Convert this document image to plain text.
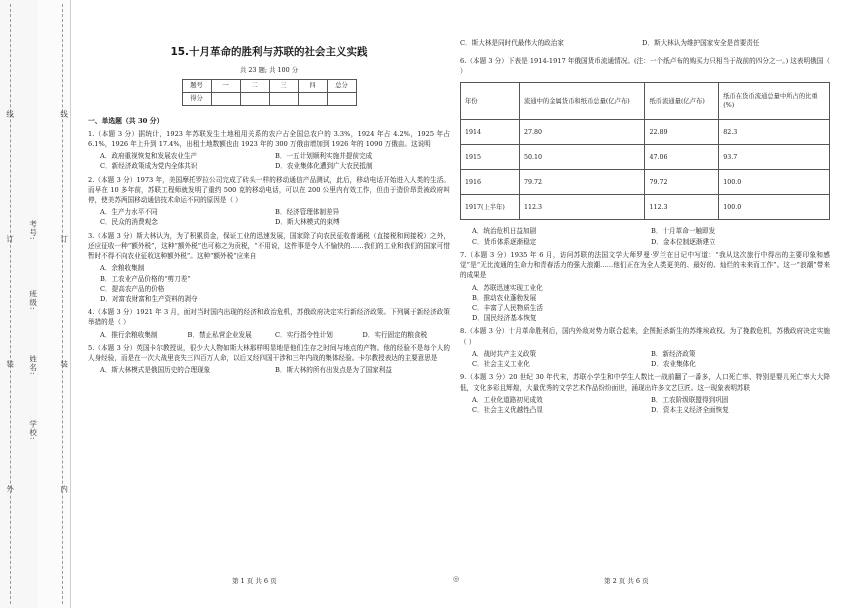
线
订
装
外
线
订
装
内
考号:
班级:
姓名:
学校:
15.十月革命的胜利与苏联的社会主义实践
共 23 题; 共 100 分
题号	一	二	三	四	总分
得分					
一、单选题（共 30 分）
1.（本题 3 分）据统计，1923 年苏联发生土地租用关系的农户占全国总农户的 3.3%，1924 年占 4.2%，1925 年占 6.1%，1926 年上升到 17.4%，出租土地数额也由 1923 年的 300 万俄亩增加到 1926 年的 1090 万俄亩。这说明
A．政府重视恢复和发展农业生产	B．一五计划顺利实施并提前完成
C．新经济政策成为党内全体共识	D．农业集体化遭到广大农民抵制
2.（本题 3 分）1973 年，美国摩托罗拉公司完成了砖头一样的移动通信产品测试，此后，移动电话开始进入人类的生活。而早在 10 多年前，苏联工程师就发明了重约 500 克的移动电话，可以在 200 公里内有效工作，但由于造价昂贵被政府叫停，使美苏两国移动通信技术命运不同的原因是（ ）
A．生产力水平不同	B．经济管理体制差异
C．民众的消费观念	D．斯大林模式的束缚
3.（本题 3 分）斯大林认为，为了积累资金，保证工业的迅速发展，国家除了向农民征收普通税（直接税和间接税）之外，还应征收一种“额外税”，这种“额外税”也可称之为贡税，“不用说，这件事是令人不愉快的……我们的工业和我们的国家可惜暂时不得不向农业征收这种额外税”。这种“额外税”应来自
A．余粮收集制
B．工农业产品价格的“剪刀差”
C．提高农产品的价格
D．对富农财富和生产资料的剥夺
4.（本题 3 分）1921 年 3 月，面对当时国内出现的经济和政治危机，苏俄政府决定实行新经济政策。下列属于新经济政策举措的是（ ）
A．推行余粮收集制	B．禁止私营企业发展	C．实行指令性计划	D．实行固定的粮食税
5.（本题 3 分）英国卡尔教授说，很少大人物如斯大林那样明显地是他们生存之时间与地点的产物。他的经验不是每个人的人身经验，而是在一次大战里丧失三四百万人命，以后又经四国干涉和三年内战的集体经验。卡尔教授表达的主要意思是
A．斯大林模式是俄国历史的合理现象	B．斯大林的所有出发点是为了国家利益
C．斯大林是同时代最伟大的政治家	D．斯大林认为维护国家安全是首要责任
6.（本题 3 分）下表是 1914-1917 年俄国货币流通情况。(注：一个纸卢布的购买力只相当于战前的四分之一。) 这表明俄国（ ）
年份	流通中的金属货币和纸币总量(亿卢布)	纸币流通量(亿卢布)	纸币在货币流通总量中所占的比重(%)
1914	27.80	22.89	82.3
1915	50.10	47.06	93.7
1916	79.72	79.72	100.0
1917(上半年)	112.3	112.3	100.0
A．统治危机日益加剧	B．十月革命一触即发
C．货币体系逐渐稳定	D．金本位制逐渐建立
7.（本题 3 分）1935 年 6 月，访问苏联的法国文学大师罗曼·罗兰在日记中写道：“我从这次旅行中得出的主要印象和感觉”是“无比流通的生命力和青春活力的强大浪潮……他们正在为全人类更美的、最好的、灿烂的未来而工作”。这一“浪潮”带来的成果是
A．苏联迅速实现工业化
B．推动农业蓬勃发展
C．丰富了人民物质生活
D．国民经济基本恢复
8.（本题 3 分）十月革命胜利后，国内外敌对势力联合起来，企图扼杀新生的苏维埃政权。为了挽救危机，苏俄政府决定实施（ ）
A．战时共产主义政策	B．新经济政策
C．社会主义工业化	D．农业集体化
9.（本题 3 分）20 世纪 30 年代末，苏联小学生和中学生人数比一战前翻了一番多，人口死亡率、特别是婴儿死亡率大大降低，文化多彩且辉煌，大量优秀的文学艺术作品纷纷面世，涌现出许多文艺巨匠。这一现象表明苏联
A．工业化道路初见成效	B．工农阶级联盟得到巩固
C．社会主义优越性凸显	D．资本主义经济全面恢复
第 1 页 共 6 页	◎	第 2 页 共 6 页
